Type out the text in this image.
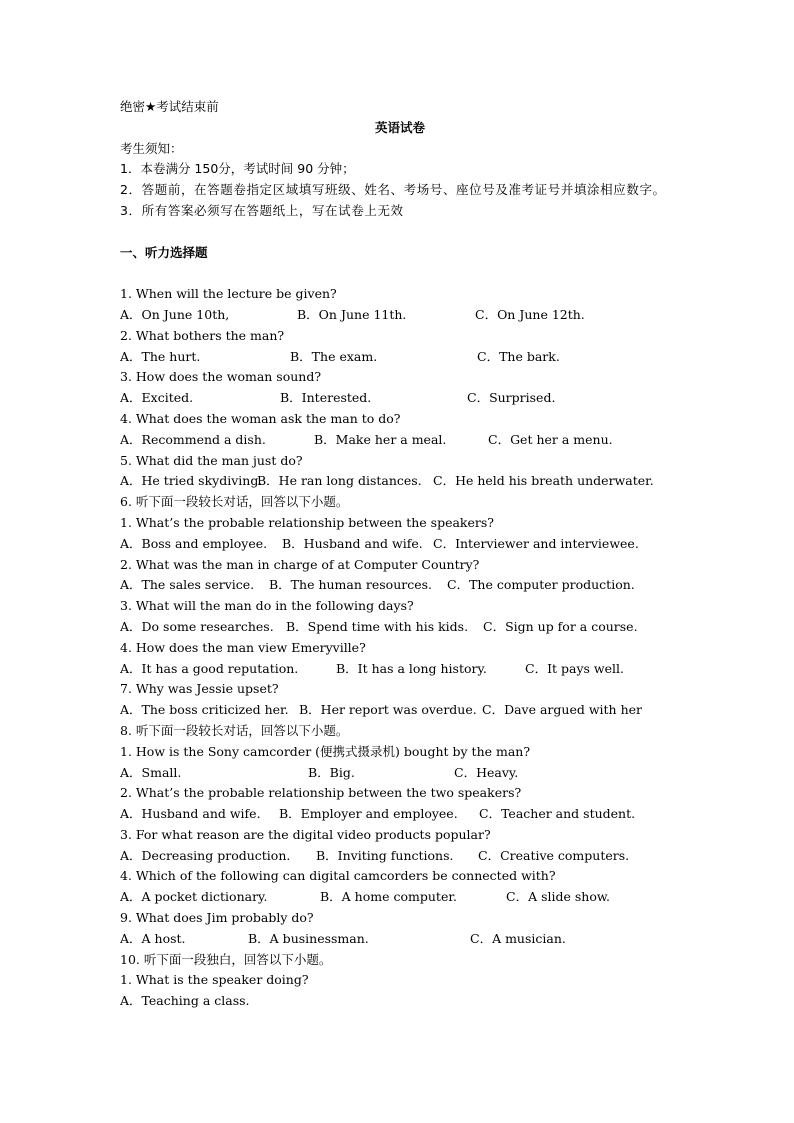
绝密★考试结束前
英语试卷
考生须知：
1．本卷满分 150分，考试时间 90 分钟；
2．答题前，在答题卷指定区域填写班级、姓名、考场号、座位号及准考证号并填涂相应数字。3．所有答案必须写在答题纸上，写在试卷上无效
一、听力选择题
1. When will the lecture be given?
A．On June 10th,	B．On June 11th.	C．On June 12th.
2. What bothers the man?
A．The hurt.	B．The exam.	C．The bark.
3. How does the woman sound?
A．Excited.	B．Interested.	C．Surprised.
4. What does the woman ask the man to do?
A．Recommend a dish.	B．Make her a meal.	C．Get her a menu.
5. What did the man just do?
A．He tried skydiving.
B．He ran long distances. C．He held his breath underwater.
6. 听下面一段较长对话，回答以下小题。
1. What’s the probable relationship between the speakers?
A．Boss and employee. B．Husband and wife. C．Interviewer and interviewee.
2. What was the man in charge of at Computer Country?
A．The sales service. B．The human resources. C．The computer production.
3. What will the man do in the following days?
A．Do some researches. B．Spend time with his kids. C．Sign up for a course.
4. How does the man view Emeryville?
A．It has a good reputation.	B．It has a long history.	C．It pays well.
7. Why was Jessie upset?
A．The boss criticized her. B．Her report was overdue. C．Dave argued with her
8. 听下面一段较长对话，回答以下小题。
1. How is the Sony camcorder (便携式摄录机) bought by the man?
A．Small.	B．Big.	C．Heavy.
2. What’s the probable relationship between the two speakers?
A．Husband and wife. B．Employer and employee. C．Teacher and student.
3. For what reason are the digital video products popular?
A．Decreasing production. B．Inviting functions. C．Creative computers.
4. Which of the following can digital camcorders be connected with?
A．A pocket dictionary.	B．A home computer.	C．A slide show.
9. What does Jim probably do?
A．A host.	B．A businessman.	C．A musician.
10. 听下面一段独白，回答以下小题。
1. What is the speaker doing?
A．Teaching a class.
